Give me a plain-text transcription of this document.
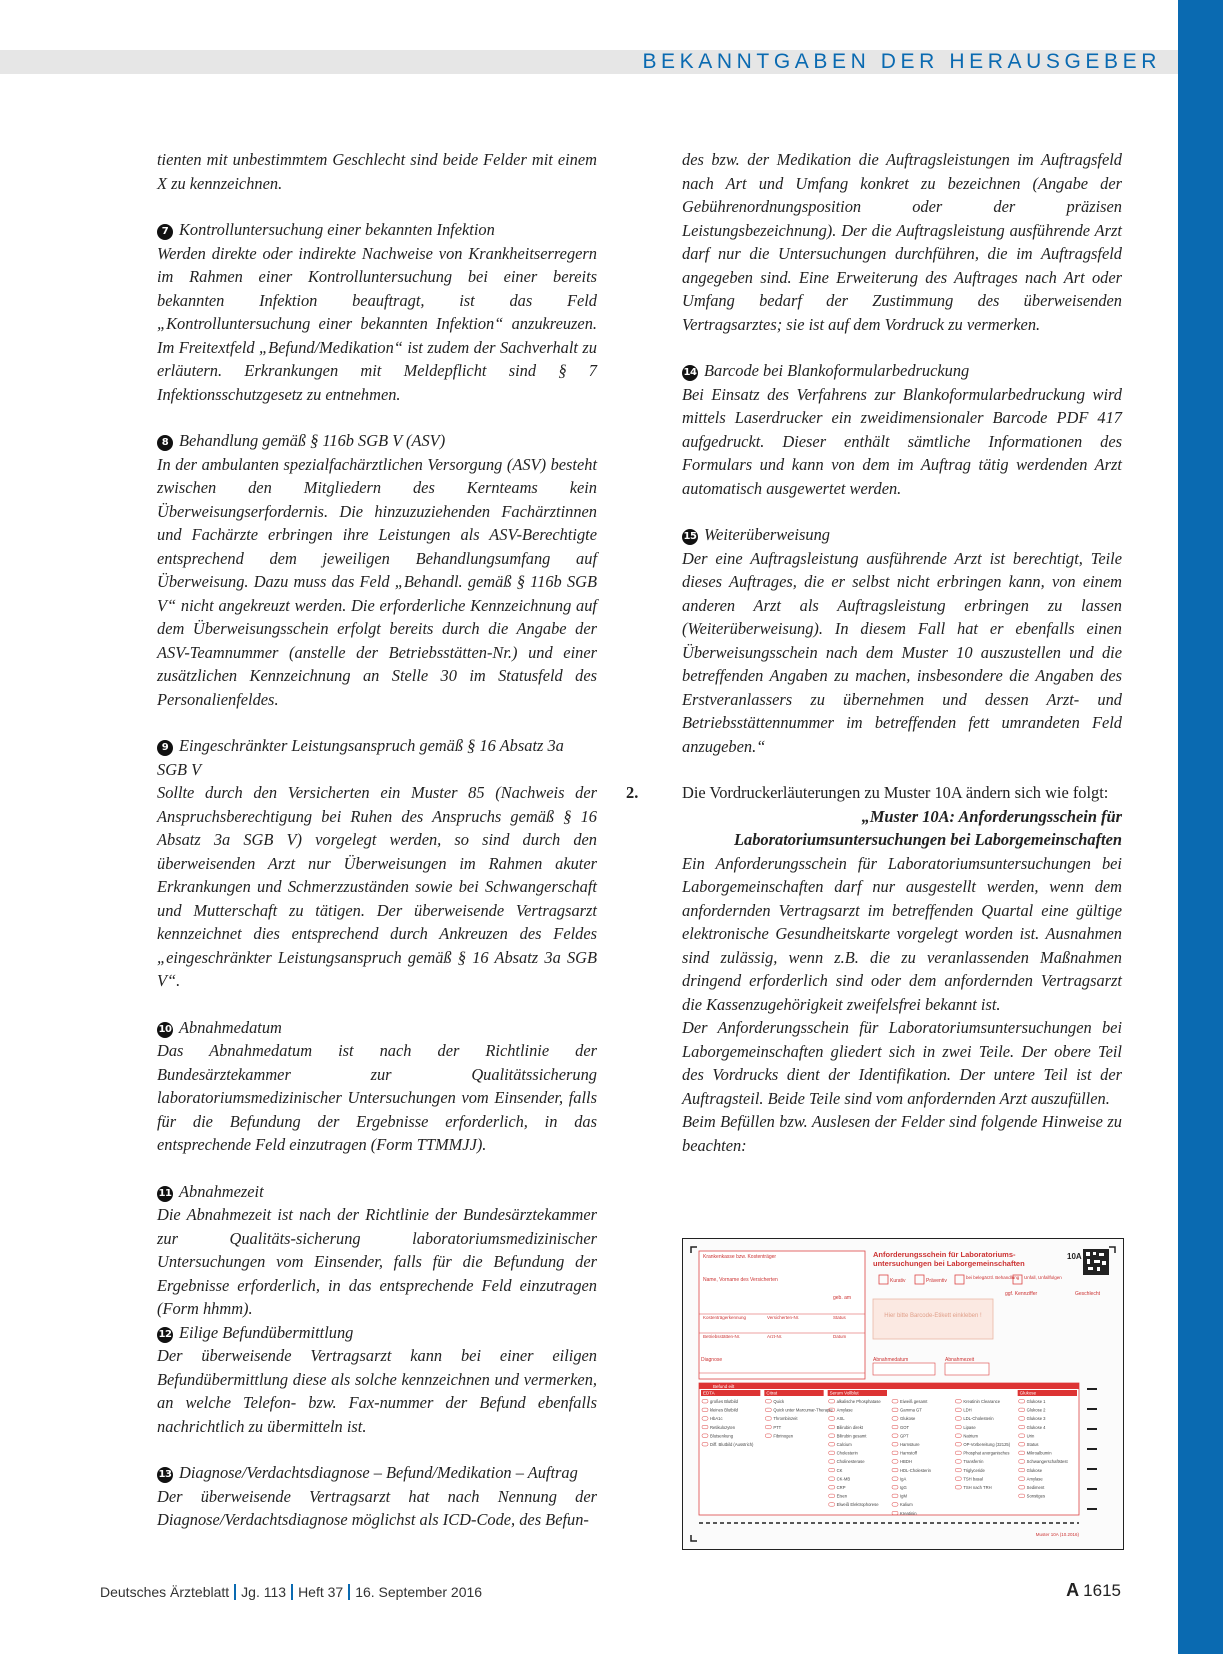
BEKANNTGABEN DER HERAUSGEBER

tienten mit unbestimmtem Geschlecht sind beide Felder mit einem X zu kennzeichnen.

7 Kontrolluntersuchung einer bekannten Infektion
Werden direkte oder indirekte Nachweise von Krankheitserregern im Rahmen einer Kontrolluntersuchung bei einer bereits bekannten Infektion beauftragt, ist das Feld „Kontrolluntersuchung einer bekannten Infektion“ anzukreuzen. Im Freitextfeld „Befund/Medikation“ ist zudem der Sachverhalt zu erläutern. Erkrankungen mit Meldepflicht sind § 7 Infektionsschutzgesetz zu entnehmen.

8 Behandlung gemäß § 116b SGB V (ASV)
In der ambulanten spezialfachärztlichen Versorgung (ASV) besteht zwischen den Mitgliedern des Kernteams kein Überweisungserfordernis. Die hinzuzuziehenden Fachärztinnen und Fachärzte erbringen ihre Leistungen als ASV-Berechtigte entsprechend dem jeweiligen Behandlungsumfang auf Überweisung. Dazu muss das Feld „Behandl. gemäß § 116b SGB V“ nicht angekreuzt werden. Die erforderliche Kennzeichnung auf dem Überweisungsschein erfolgt bereits durch die Angabe der ASV-Teamnummer (anstelle der Betriebsstätten-Nr.) und einer zusätzlichen Kennzeichnung an Stelle 30 im Statusfeld des Personalienfeldes.

9 Eingeschränkter Leistungsanspruch gemäß § 16 Absatz 3a SGB V
Sollte durch den Versicherten ein Muster 85 (Nachweis der Anspruchsberechtigung bei Ruhen des Anspruchs gemäß § 16 Absatz 3a SGB V) vorgelegt werden, so sind durch den überweisenden Arzt nur Überweisungen im Rahmen akuter Erkrankungen und Schmerzzuständen sowie bei Schwangerschaft und Mutterschaft zu tätigen. Der überweisende Vertragsarzt kennzeichnet dies entsprechend durch Ankreuzen des Feldes „eingeschränkter Leistungsanspruch gemäß § 16 Absatz 3a SGB V“.

10 Abnahmedatum
Das Abnahmedatum ist nach der Richtlinie der Bundesärztekammer zur Qualitätssicherung laboratoriumsmedizinischer Untersuchungen vom Einsender, falls für die Befundung der Ergebnisse erforderlich, in das entsprechende Feld einzutragen (Form TTMMJJ).

11 Abnahmezeit
Die Abnahmezeit ist nach der Richtlinie der Bundesärztekammer zur Qualitäts-sicherung laboratoriumsmedizinischer Untersuchungen vom Einsender, falls für die Befundung der Ergebnisse erforderlich, in das entsprechende Feld einzutragen (Form hhmm).

12 Eilige Befundübermittlung
Der überweisende Vertragsarzt kann bei einer eiligen Befundübermittlung diese als solche kennzeichnen und vermerken, an welche Telefon- bzw. Fax-nummer der Befund ebenfalls nachrichtlich zu übermitteln ist.

13 Diagnose/Verdachtsdiagnose – Befund/Medikation – Auftrag
Der überweisende Vertragsarzt hat nach Nennung der Diagnose/Verdachtsdiagnose möglichst als ICD-Code, des Befun-

des bzw. der Medikation die Auftragsleistungen im Auftragsfeld nach Art und Umfang konkret zu bezeichnen (Angabe der Gebührenordnungsposition oder der präzisen Leistungsbezeichnung). Der die Auftragsleistung ausführende Arzt darf nur die Untersuchungen durchführen, die im Auftragsfeld angegeben sind. Eine Erweiterung des Auftrages nach Art oder Umfang bedarf der Zustimmung des überweisenden Vertragsarztes; sie ist auf dem Vordruck zu vermerken.

14 Barcode bei Blankoformularbedruckung
Bei Einsatz des Verfahrens zur Blankoformularbedruckung wird mittels Laserdrucker ein zweidimensionaler Barcode PDF 417 aufgedruckt. Dieser enthält sämtliche Informationen des Formulars und kann von dem im Auftrag tätig werdenden Arzt automatisch ausgewertet werden.

15 Weiterüberweisung
Der eine Auftragsleistung ausführende Arzt ist berechtigt, Teile dieses Auftrages, die er selbst nicht erbringen kann, von einem anderen Arzt als Auftragsleistung erbringen zu lassen (Weiterüberweisung). In diesem Fall hat er ebenfalls einen Überweisungsschein nach dem Muster 10 auszustellen und die betreffenden Angaben zu machen, insbesondere die Angaben des Erstveranlassers zu übernehmen und dessen Arzt- und Betriebsstättennummer im betreffenden fett umrandeten Feld anzugeben.“

2.	Die Vordruckerläuterungen zu Muster 10A ändern sich wie folgt:
„Muster 10A: Anforderungsschein für Laboratoriumsuntersuchungen bei Laborgemeinschaften
Ein Anforderungsschein für Laboratoriumsuntersuchungen bei Laborgemeinschaften darf nur ausgestellt werden, wenn dem anfordernden Vertragsarzt im betreffenden Quartal eine gültige elektronische Gesundheitskarte vorgelegt worden ist. Ausnahmen sind zulässig, wenn z.B. die zu veranlassenden Maßnahmen dringend erforderlich sind oder dem anfordernden Vertragsarzt die Kassenzugehörigkeit zweifelsfrei bekannt ist.
Der Anforderungsschein für Laboratoriumsuntersuchungen bei Laborgemeinschaften gliedert sich in zwei Teile. Der obere Teil des Vordrucks dient der Identifikation. Der untere Teil ist der Auftragsteil. Beide Teile sind vom anfordernden Arzt auszufüllen.
Beim Befüllen bzw. Auslesen der Felder sind folgende Hinweise zu beachten:
Krankenkasse bzw. Kostenträger
Name, Vorname des Versicherten
geb. am
Kostenträgerkennung	Versicherten-Nr.	Status
Betriebsstätten-Nr.	Arzt-Nr.	Datum
Anforderungsschein für Laboratoriums-
untersuchungen bei Laborgemeinschaften
10A
Kurativ	Präventiv
bei belegärztl. Behandlung Unfall, Unfallfolgen
ggf. Kennziffer	Geschlecht
Hier bitte Barcode-Etikett einkleben !
Abnahmedatum	Abnahmezeit
Diagnose
Befund eilt
EDTA
großes Blutbild
kleines Blutbild
HbA1c
Retikulozyten
Blutsenkung
Diff. Blutbild (Ausstrich)
Citrat
Quick
Quick unter Marcumar-Therapie
Thrombinzeit
PTT
Fibrinogen
Serum Vollblut
alkalische Phosphatase
Amylase
ASL
Bilirubin direkt
Bilirubin gesamt
Calcium
Cholesterin
Cholinesterase
CK
CK-MB
CRP
Eisen
Elweiß Elektrophorese
Eiweiß gesamt
Gamma GT
Glukose
GOT
GPT
Harnsäure
Harnstoff
HBDH
HDL-Cholesterin
IgA
IgG
IgM
Kalium
Kreatinin
Kreatinin Clearance
LDH
LDL-Cholesterin
Lipase
Natrium
OP-Vorbereitung (32125)
Phosphat anorganisches
Transferrin
Triglyceride
TSH basal
TSH nach TRH
Glukose
Glukose 1
Glukose 2
Glukose 3
Glukose 4
Urin
Status
Mikroalbumin
Schwangerschaftstest
Glukose
Amylase
Sediment
Sonstiges
Muster 10A (10.2016)
Deutsches Ärzteblatt Jg. 113 Heft 37 16. September 2016	A 1615
